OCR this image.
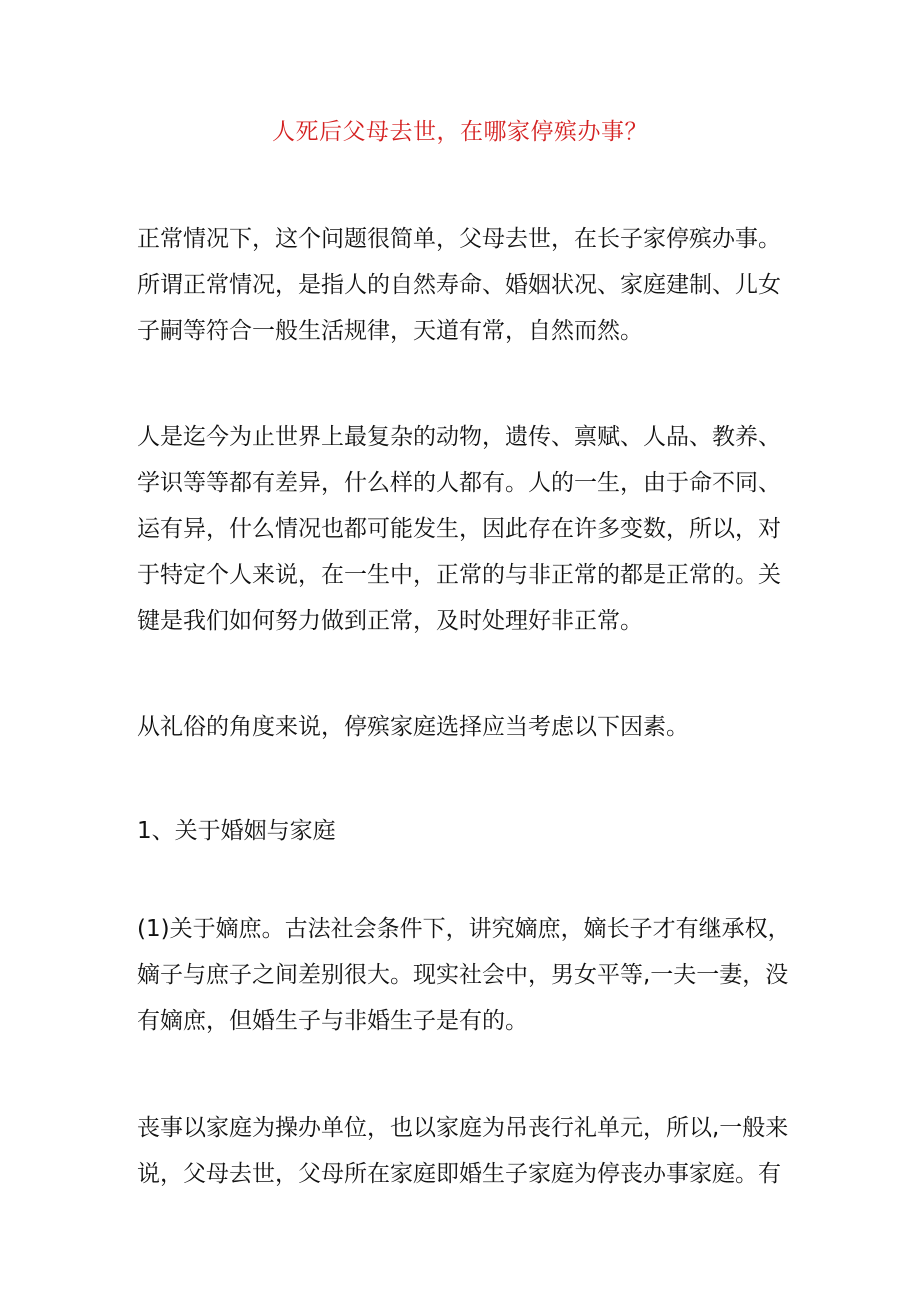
人死后父母去世，在哪家停殡办事？

正常情况下，这个问题很简单，父母去世，在长子家停殡办事。
所谓正常情况，是指人的自然寿命、婚姻状况、家庭建制、儿女
子嗣等符合一般生活规律，天道有常，自然而然。

人是迄今为止世界上最复杂的动物，遗传、禀赋、人品、教养、
学识等等都有差异，什么样的人都有。人的一生，由于命不同、
运有异，什么情况也都可能发生，因此存在许多变数，所以，对
于特定个人来说，在一生中，正常的与非正常的都是正常的。关
键是我们如何努力做到正常，及时处理好非正常。

从礼俗的角度来说，停殡家庭选择应当考虑以下因素。

1、关于婚姻与家庭

(1)关于嫡庶。古法社会条件下，讲究嫡庶，嫡长子才有继承权，
嫡子与庶子之间差别很大。现实社会中，男女平等,一夫一妻，没
有嫡庶，但婚生子与非婚生子是有的。

丧事以家庭为操办单位，也以家庭为吊丧行礼单元，所以,一般来
说，父母去世，父母所在家庭即婚生子家庭为停丧办事家庭。有
